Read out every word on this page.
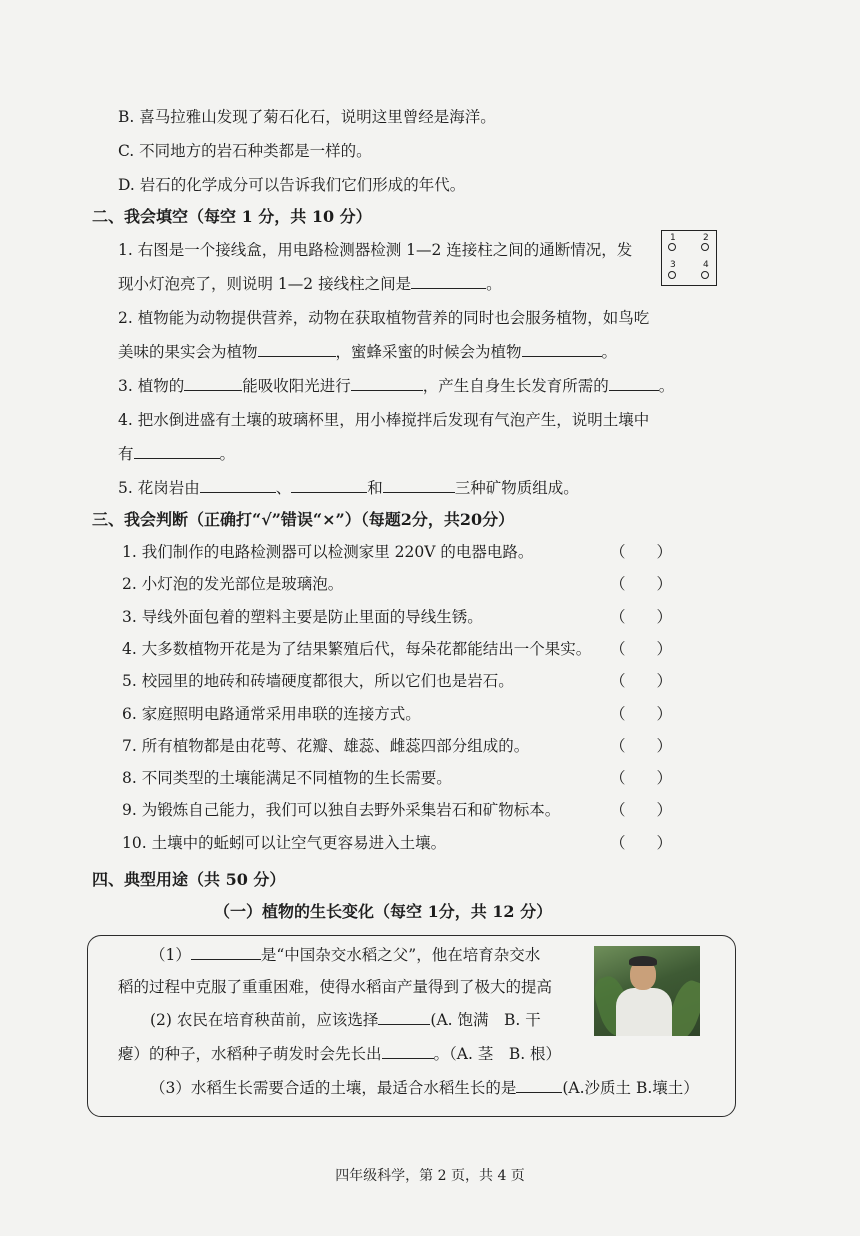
B. 喜马拉雅山发现了菊石化石，说明这里曾经是海洋。
C. 不同地方的岩石种类都是一样的。
D. 岩石的化学成分可以告诉我们它们形成的年代。
二、我会填空（每空 1 分，共 10 分）
1. 右图是一个接线盒，用电路检测器检测 1—2 连接柱之间的通断情况，发
现小灯泡亮了，则说明 1—2 接线柱之间是	。
1	2
3	4
2. 植物能为动物提供营养，动物在获取植物营养的同时也会服务植物，如鸟吃
美味的果实会为植物	，蜜蜂采蜜的时候会为植物	。
3. 植物的	能吸收阳光进行	，产生自身生长发育所需的	。
4. 把水倒进盛有土壤的玻璃杯里，用小棒搅拌后发现有气泡产生，说明土壤中
有	。
5. 花岗岩由	、	和	三种矿物质组成。
三、我会判断（正确打“√”错误“×”）（每题2分，共20分）
1. 我们制作的电路检测器可以检测家里 220V 的电器电路。	（　　）
2. 小灯泡的发光部位是玻璃泡。	（　　）
3. 导线外面包着的塑料主要是防止里面的导线生锈。	（　　）
4. 大多数植物开花是为了结果繁殖后代，每朵花都能结出一个果实。 （　　）
5. 校园里的地砖和砖墙硬度都很大，所以它们也是岩石。	（　　）
6. 家庭照明电路通常采用串联的连接方式。	（　　）
7. 所有植物都是由花萼、花瓣、雄蕊、雌蕊四部分组成的。	（　　）
8. 不同类型的土壤能满足不同植物的生长需要。	（　　）
9. 为锻炼自己能力，我们可以独自去野外采集岩石和矿物标本。	（　　）
10. 土壤中的蚯蚓可以让空气更容易进入土壤。	（　　）
四、典型用途（共 50 分）
（一）植物的生长变化（每空 1分，共 12 分）
（1）	是“中国杂交水稻之父”，他在培育杂交水
稻的过程中克服了重重困难，使得水稻亩产量得到了极大的提高
(2) 农民在培育秧苗前，应该选择	(A. 饱满　B. 干
瘪）的种子，水稻种子萌发时会先长出	。（A. 茎　B. 根）
（3）水稻生长需要合适的土壤，最适合水稻生长的是	(A.沙质土 B.壤土）
四年级科学，第 2 页，共 4 页
